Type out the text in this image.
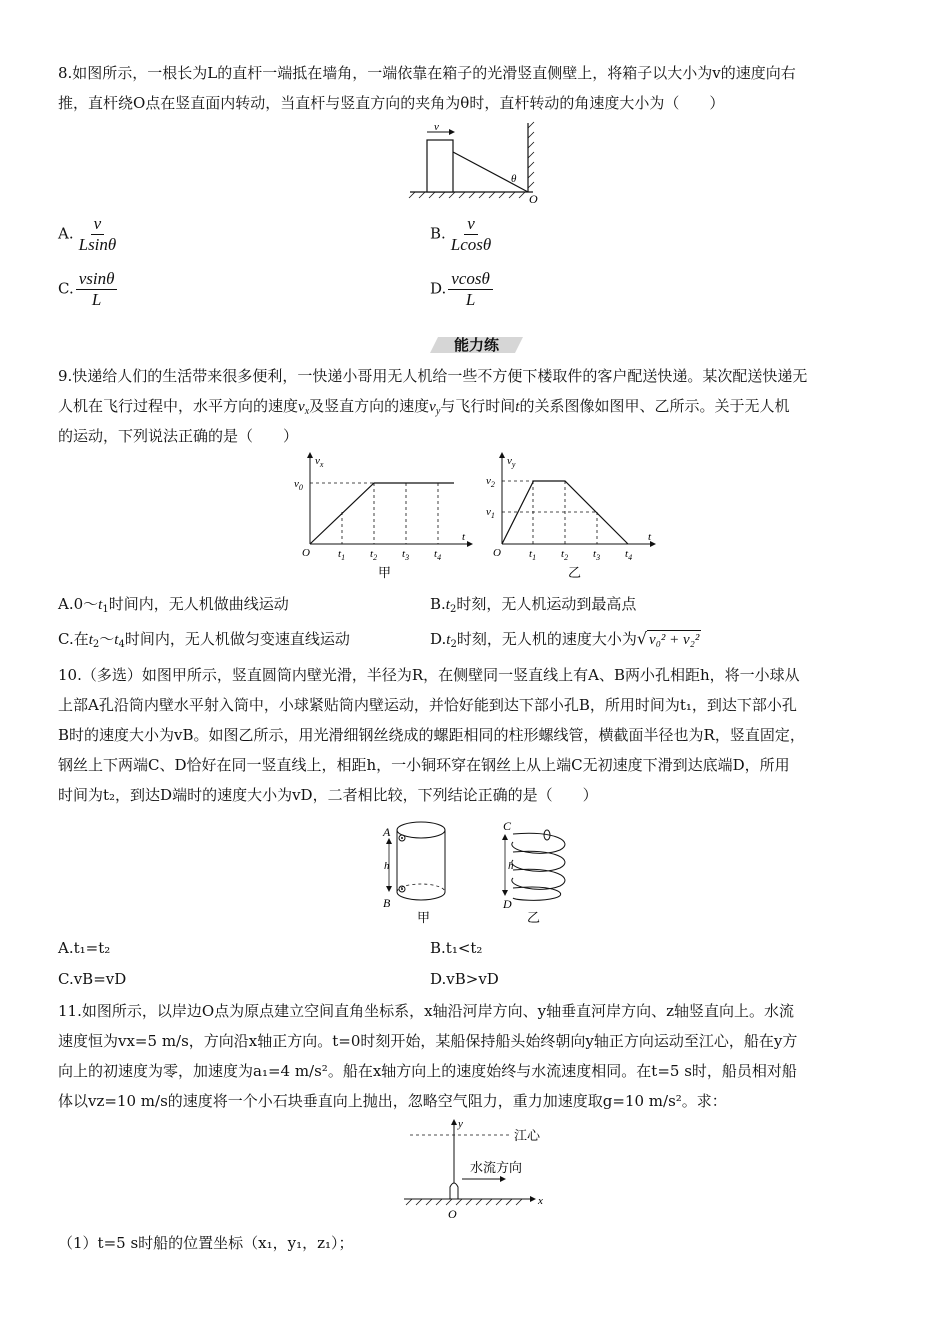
8.如图所示，一根长为L的直杆一端抵在墙角，一端依靠在箱子的光滑竖直侧壁上，将箱子以大小为v的速度向右
推，直杆绕O点在竖直面内转动，当直杆与竖直方向的夹角为θ时，直杆转动的角速度大小为（　　）
v
θ
O
A. $\frac{v}{Lsin\theta}$	B. $\frac{v}{Lcos\theta}$
C. $\frac{vsin\theta}{L}$	D. $\frac{vcos\theta}{L}$
能力练
9.快递给人们的生活带来很多便利，一快递小哥用无人机给一些不方便下楼取件的客户配送快递。某次配送快递无
人机在飞行过程中，水平方向的速度$v_x$及竖直方向的速度$v_y$与飞行时间t的关系图像如图甲、乙所示。关于无人机
的运动，下列说法正确的是（　　）
$v_x$
$v_0$
t
O	$t_1$ $t_2$ $t_3$ $t_4$
甲
$v_y$
$v_2$
$v_1$
t
O	$t_1$ $t_2$ $t_3$ $t_4$
乙
$A.0\sim t_1$时间内，无人机做曲线运动	$B.t_2$时刻，无人机运动到最高点
C.在$t_2\sim t_4$时间内，无人机做匀变速直线运动	$D.t_2$时刻，无人机的速度大小为√ v₀² + v₂²
10.（多选）如图甲所示，竖直圆筒内壁光滑，半径为R，在侧壁同一竖直线上有A、B两小孔相距h，将一小球从
上部A孔沿筒内壁水平射入筒中，小球紧贴筒内壁运动，并恰好能到达下部小孔B，所用时间为t₁，到达下部小孔
B时的速度大小为vB。如图乙所示，用光滑细钢丝绕成的螺距相同的柱形螺线管，横截面半径也为R，竖直固定，
钢丝上下两端C、D恰好在同一竖直线上，相距h，一小铜环穿在钢丝上从上端C无初速度下滑到达底端D，所用
时间为t₂，到达D端时的速度大小为vD，二者相比较，下列结论正确的是（　　）
A
h
B
甲
C
h
D
乙
A.t₁=t₂	B.t₁<t₂
C.vB=vD	D.vB>vD
11.如图所示，以岸边O点为原点建立空间直角坐标系，x轴沿河岸方向、y轴垂直河岸方向、z轴竖直向上。水流
速度恒为vx=5 m/s，方向沿x轴正方向。t=0时刻开始，某船保持船头始终朝向y轴正方向运动至江心，船在y方
向上的初速度为零，加速度为a₁=4 m/s²。船在x轴方向上的速度始终与水流速度相同。在t=5 s时，船员相对船
体以vz=10 m/s的速度将一个小石块垂直向上抛出，忽略空气阻力，重力加速度取g=10 m/s²。求：
y
江心
水流方向
x
O
（1）t=5 s时船的位置坐标（x₁，y₁，z₁）；
